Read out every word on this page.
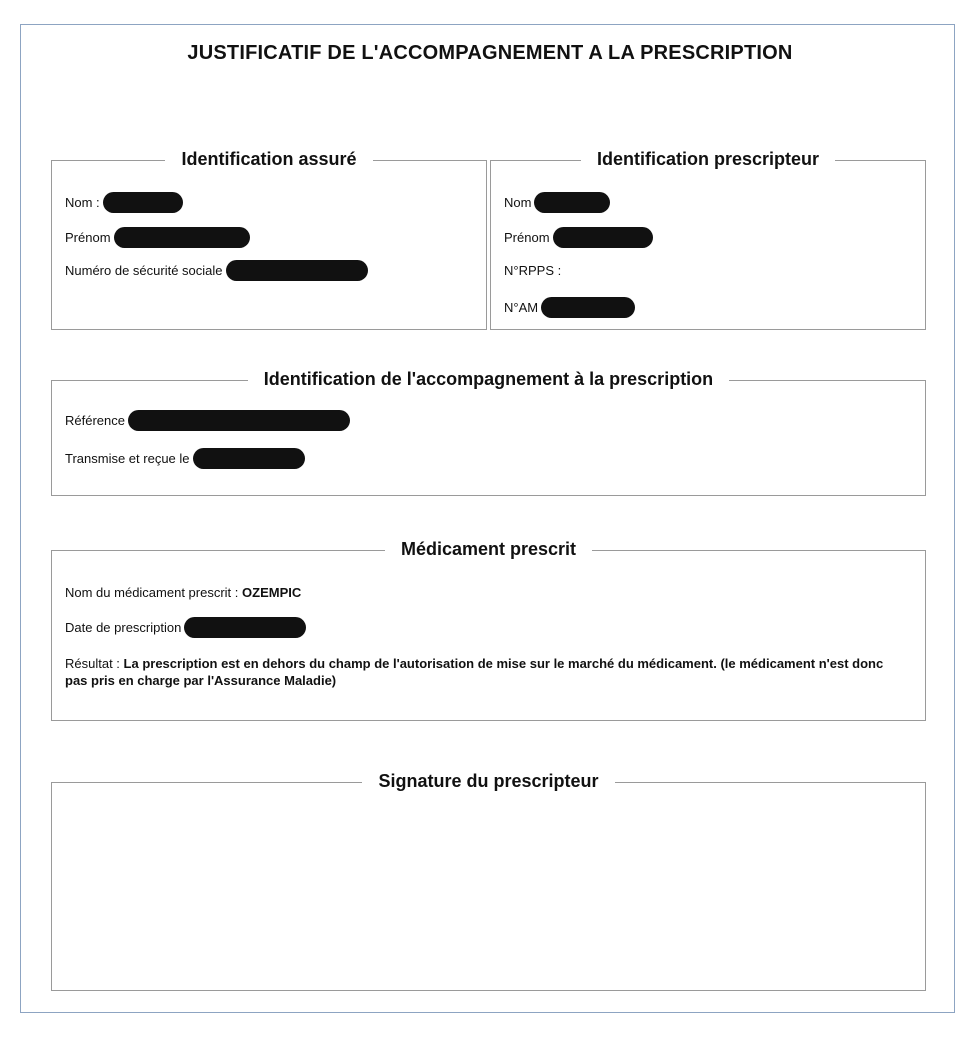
JUSTIFICATIF DE L'ACCOMPAGNEMENT A LA PRESCRIPTION
Identification assuré
Nom :
Prénom
Numéro de sécurité sociale
Identification prescripteur
Nom
Prénom
N°RPPS :
N°AM
Identification de l'accompagnement à la prescription
Référence
Transmise et reçue le
Médicament prescrit
Nom du médicament prescrit : OZEMPIC
Date de prescription
Résultat : La prescription est en dehors du champ de l'autorisation de mise sur le marché du médicament. (le médicament n'est donc pas pris en charge par l'Assurance Maladie)
Signature du prescripteur
